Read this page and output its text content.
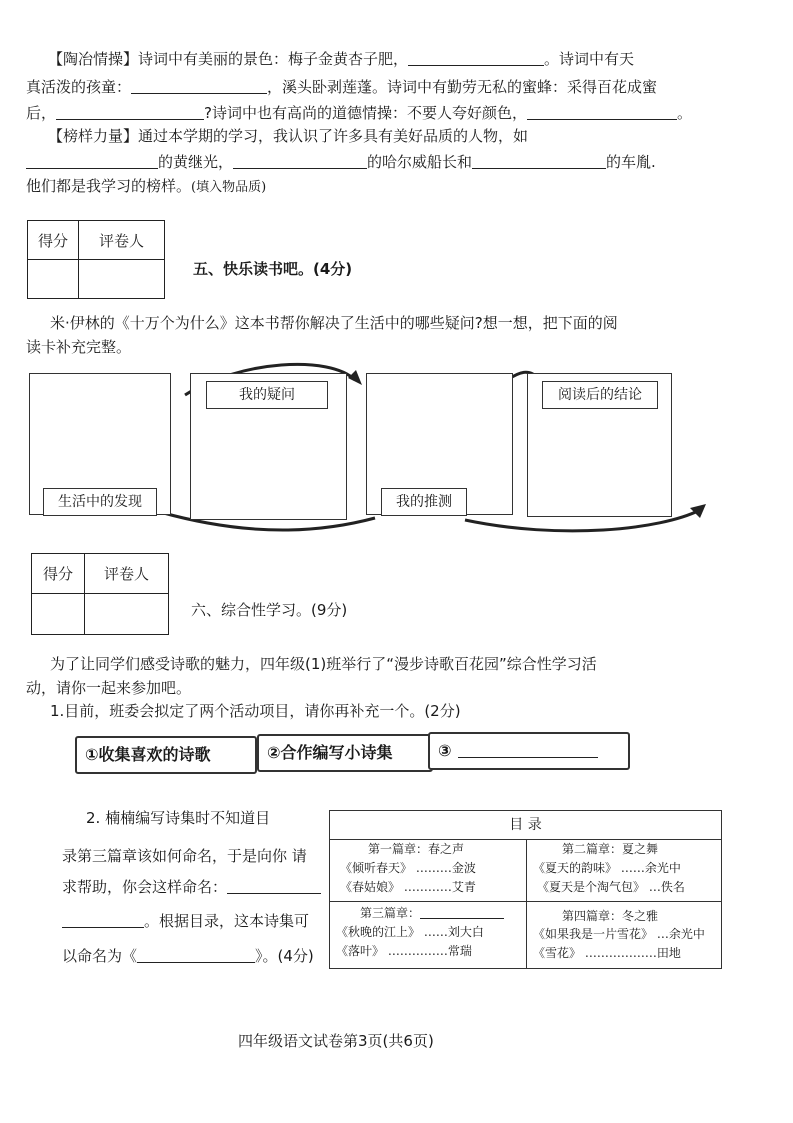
【陶冶情操】诗词中有美丽的景色：梅子金黄杏子肥，	。诗词中有天
真活泼的孩童：	，溪头卧剥莲蓬。诗词中有勤劳无私的蜜蜂：采得百花成蜜
后，	?诗词中也有高尚的道德情操：不要人夸好颜色，	。
【榜样力量】通过本学期的学习，我认识了许多具有美好品质的人物，如
的黄继光，	的哈尔威船长和	的车胤.
他们都是我学习的榜样。(填入物品质)
得分	评卷人

五、快乐读书吧。(4分)
米·伊林的《十万个为什么》这本书帮你解决了生活中的哪些疑问?想一想，把下面的阅
读卡补充完整。
生活中的发现
我的疑问
我的推测
阅读后的结论
得分	评卷人

六、综合性学习。(9分)
为了让同学们感受诗歌的魅力，四年级(1)班举行了“漫步诗歌百花园”综合性学习活
动，请你一起来参加吧。
1.目前，班委会拟定了两个活动项目，请你再补充一个。(2分)
①收集喜欢的诗歌	②合作编写小诗集	③
2. 楠楠编写诗集时不知道目
录第三篇章该如何命名，于是向你 请
求帮助，你会这样命名：
。根据目录，这本诗集可
以命名为《	》。(4分)
目 录
第一篇章：春之声
《倾听春天》 ………金波
《春姑娘》 …………艾青
第二篇章：夏之舞
《夏天的韵味》 ……余光中
《夏天是个淘气包》 …佚名
第三篇章：
《秋晚的江上》 ……刘大白
《落叶》 ……………常瑞
第四篇章：冬之雅
《如果我是一片雪花》 …余光中
《雪花》 ………………田地
四年级语文试卷第3页(共6页)
